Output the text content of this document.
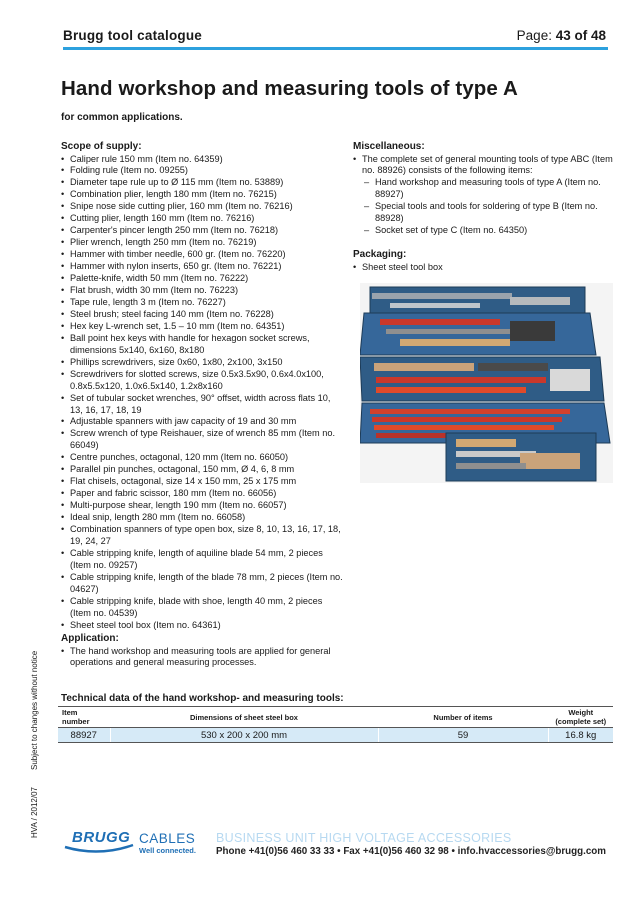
Brugg tool catalogue	Page: 43 of 48
Hand workshop and measuring tools of type A
for common applications.
Scope of supply:
• Caliper rule 150 mm (Item no. 64359)
• Folding rule (Item no. 09255)
• Diameter tape rule up to Ø 115 mm (Item no. 53889)
• Combination plier, length 180 mm (Item no. 76215)
• Snipe nose side cutting plier, 160 mm (Item no. 76216)
• Cutting plier, length 160 mm (Item no. 76216)
• Carpenter's pincer length 250 mm (Item no. 76218)
• Plier wrench, length 250 mm (Item no. 76219)
• Hammer with timber needle, 600 gr. (Item no. 76220)
• Hammer with nylon inserts, 650 gr. (Item no. 76221)
• Palette-knife, width 50 mm (Item no. 76222)
• Flat brush, width 30 mm (Item no. 76223)
• Tape rule, length 3 m (Item no. 76227)
• Steel brush; steel facing 140 mm (Item no. 76228)
• Hex key L-wrench set, 1.5 – 10 mm (Item no. 64351)
• Ball point hex keys with handle for hexagon socket screws, dimensions 5x140, 6x160, 8x180
• Phillips screwdrivers, size 0x60, 1x80, 2x100, 3x150
• Screwdrivers for slotted screws, size 0.5x3.5x90, 0.6x4.0x100, 0.8x5.5x120, 1.0x6.5x140, 1.2x8x160
• Set of tubular socket wrenches, 90° offset, width across flats 10, 13, 16, 17, 18, 19
• Adjustable spanners with jaw capacity of 19 and 30 mm
• Screw wrench of type Reishauer, size of wrench 85 mm (Item no. 66049)
• Centre punches, octagonal, 120 mm (Item no. 66050)
• Parallel pin punches, octagonal, 150 mm, Ø 4, 6, 8 mm
• Flat chisels, octagonal, size 14 x 150 mm, 25 x 175 mm
• Paper and fabric scissor, 180 mm (Item no. 66056)
• Multi-purpose shear, length 190 mm (Item no. 66057)
• Ideal snip, length 280 mm (Item no. 66058)
• Combination spanners of type open box, size 8, 10, 13, 16, 17, 18, 19, 24, 27
• Cable stripping knife, length of aquiline blade 54 mm, 2 pieces (Item no. 09257)
• Cable stripping knife, length of the blade 78 mm, 2 pieces (Item no. 04627)
• Cable stripping knife, blade with shoe, length 40 mm, 2 pieces (Item no. 04539)
• Sheet steel tool box (Item no. 64361)
Miscellaneous:
• The complete set of general mounting tools of type ABC (Item no. 88926) consists of the following items:
– Hand workshop and measuring tools of type A (Item no. 88927)
– Special tools and tools for soldering of type B (Item no. 88928)
– Socket set of type C (Item no. 64350)
Packaging:
• Sheet steel tool box
Application:
• The hand workshop and measuring tools are applied for general operations and general measuring processes.
Technical data of the hand workshop- and measuring tools:
Item number	Dimensions of sheet steel box	Number of items	Weight (complete set)
88927	530 x 200 x 200 mm	59	16.8 kg
Subject to changes without notice
HVA / 2012/07 BRUGG CABLES
Well connected.
BUSINESS UNIT HIGH VOLTAGE ACCESSORIES
Phone +41(0)56 460 33 33 • Fax +41(0)56 460 32 98 • info.hvaccessories@brugg.com
